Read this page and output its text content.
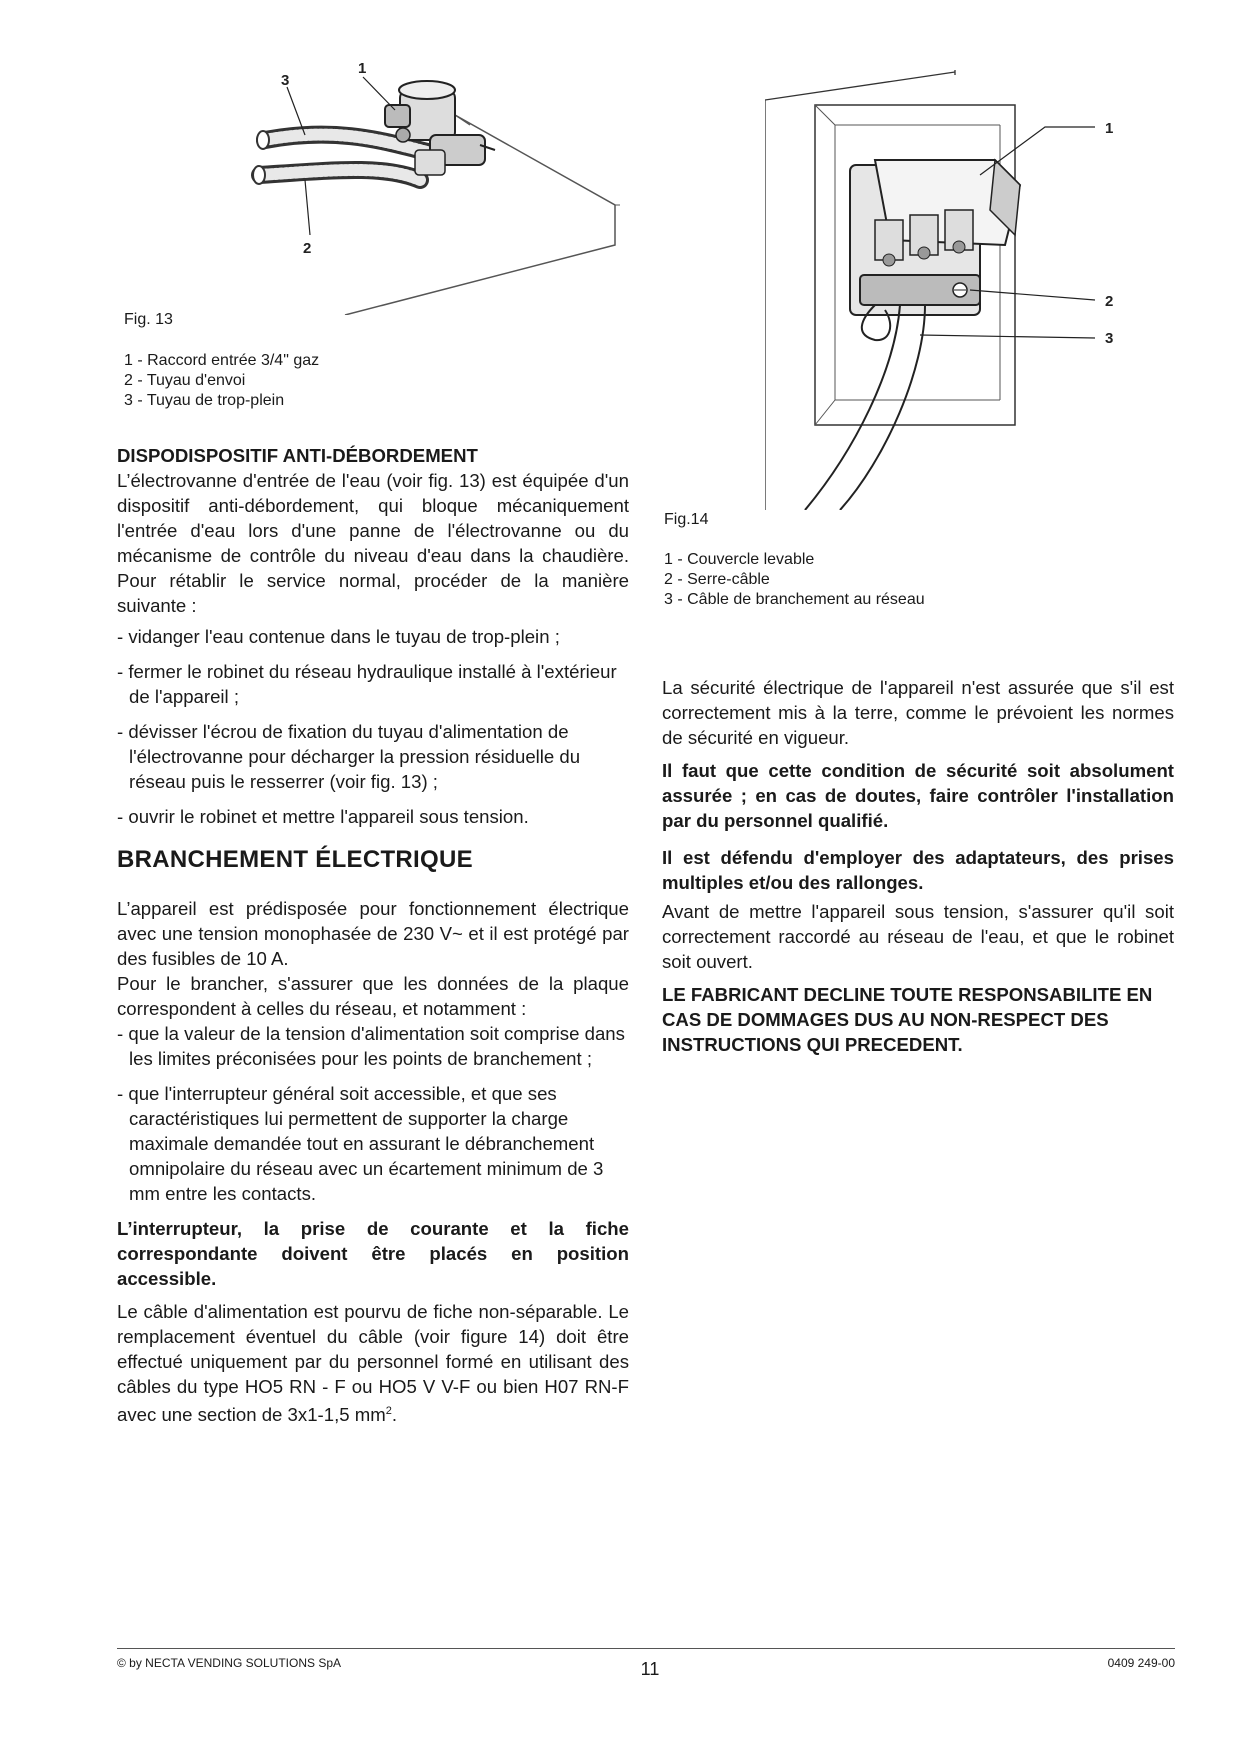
1
3
2
Fig. 13
1 - Raccord entrée 3/4" gaz
2 - Tuyau d'envoi
3 - Tuyau de trop-plein
1
2
3
Fig.14
1 - Couvercle levable
2 - Serre-câble
3 - Câble de branchement au réseau

DISPODISPOSITIF ANTI-DÉBORDEMENT

L’électrovanne d'entrée de l'eau (voir fig. 13) est équipée d'un dispositif anti-débordement, qui bloque mécaniquement l'entrée d'eau lors d'une panne de l'électrovanne ou du mécanisme de contrôle du niveau d'eau dans la chaudière. Pour rétablir le service normal, procéder de la manière suivante :

- vidanger l'eau contenue dans le tuyau de trop-plein ;
- fermer le robinet du réseau hydraulique installé à l'extérieur de l'appareil ;
- dévisser l'écrou de fixation du tuyau d'alimentation de l'électrovanne pour décharger la pression résiduelle du réseau puis le resserrer (voir fig. 13) ;
- ouvrir le robinet et mettre l'appareil sous tension.

BRANCHEMENT ÉLECTRIQUE

L’appareil est prédisposée pour fonctionnement électrique avec une tension monophasée de 230 V~ et il est protégé par des fusibles de 10 A.

Pour le brancher, s'assurer que les données de la plaque correspondent à celles du réseau, et notamment :

- que la valeur de la tension d'alimentation soit comprise dans les limites préconisées pour les points de branchement ;
- que l'interrupteur général soit accessible, et que ses caractéristiques lui permettent de supporter la charge maximale demandée tout en assurant le débranchement omnipolaire du réseau avec un écartement minimum de 3 mm entre les contacts.

L’interrupteur, la prise de courante et la fiche correspondante doivent être placés en position accessible.

Le câble d'alimentation est pourvu de fiche non-séparable. Le remplacement éventuel du câble (voir figure 14) doit être effectué uniquement par du personnel formé en utilisant des câbles du type HO5 RN - F ou HO5 V V-F ou bien H07 RN-F avec une section de 3x1-1,5 $mm^2$.

La sécurité électrique de l'appareil n'est assurée que s'il est correctement mis à la terre, comme le prévoient les normes de sécurité en vigueur.

Il faut que cette condition de sécurité soit absolument assurée ; en cas de doutes, faire contrôler l'installation par du personnel qualifié.

Il est défendu d'employer des adaptateurs, des prises multiples et/ou des rallonges.

Avant de mettre l'appareil sous tension, s'assurer qu'il soit correctement raccordé au réseau de l'eau, et que le robinet soit ouvert.

LE FABRICANT DECLINE TOUTE RESPONSABILITE EN CAS DE DOMMAGES DUS AU NON-RESPECT DES INSTRUCTIONS QUI PRECEDENT.

© by NECTA VENDING SOLUTIONS SpA	11	0409 249-00
